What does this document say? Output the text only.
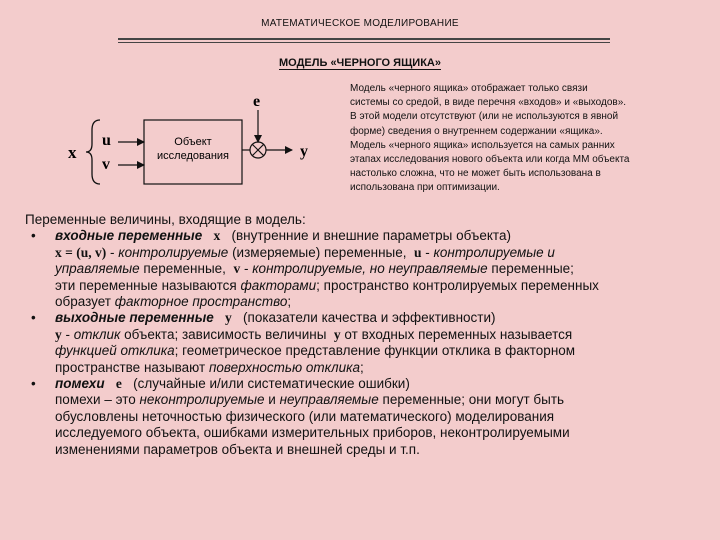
МАТЕМАТИЧЕСКОЕ МОДЕЛИРОВАНИЕ
МОДЕЛЬ «ЧЕРНОГО ЯЩИКА»
x
u
v
Объект
исследования
e
y
Модель «черного ящика» отображает только связи
системы со средой, в виде перечня «входов» и «выходов».
В этой модели отсутствуют (или не используются в явной
форме) сведения о внутреннем содержании «ящика».
Модель «черного ящика» используется на самых ранних
этапах исследования нового объекта или когда ММ объекта
настолько сложна, что не может быть использована в
использована при оптимизации.

Переменные величины, входящие в модель:

• входные переменные x (внутренние и внешние параметры объекта)

x = (u, v) - контролируемые (измеряемые) переменные, u - контролируемые и

управляемые переменные, v - контролируемые, но неуправляемые переменные;

эти переменные называются факторами; пространство контролируемых переменных

образует факторное пространство;

• выходные переменные y (показатели качества и эффективности)

y - отклик объекта; зависимость величины y от входных переменных называется

функцией отклика; геометрическое представление функции отклика в факторном

пространстве называют поверхностью отклика;

• помехи e (случайные и/или систематические ошибки)

помехи – это неконтролируемые и неуправляемые переменные; они могут быть

обусловлены неточностью физического (или математического) моделирования

исследуемого объекта, ошибками измерительных приборов, неконтролируемыми

изменениями параметров объекта и внешней среды и т.п.
